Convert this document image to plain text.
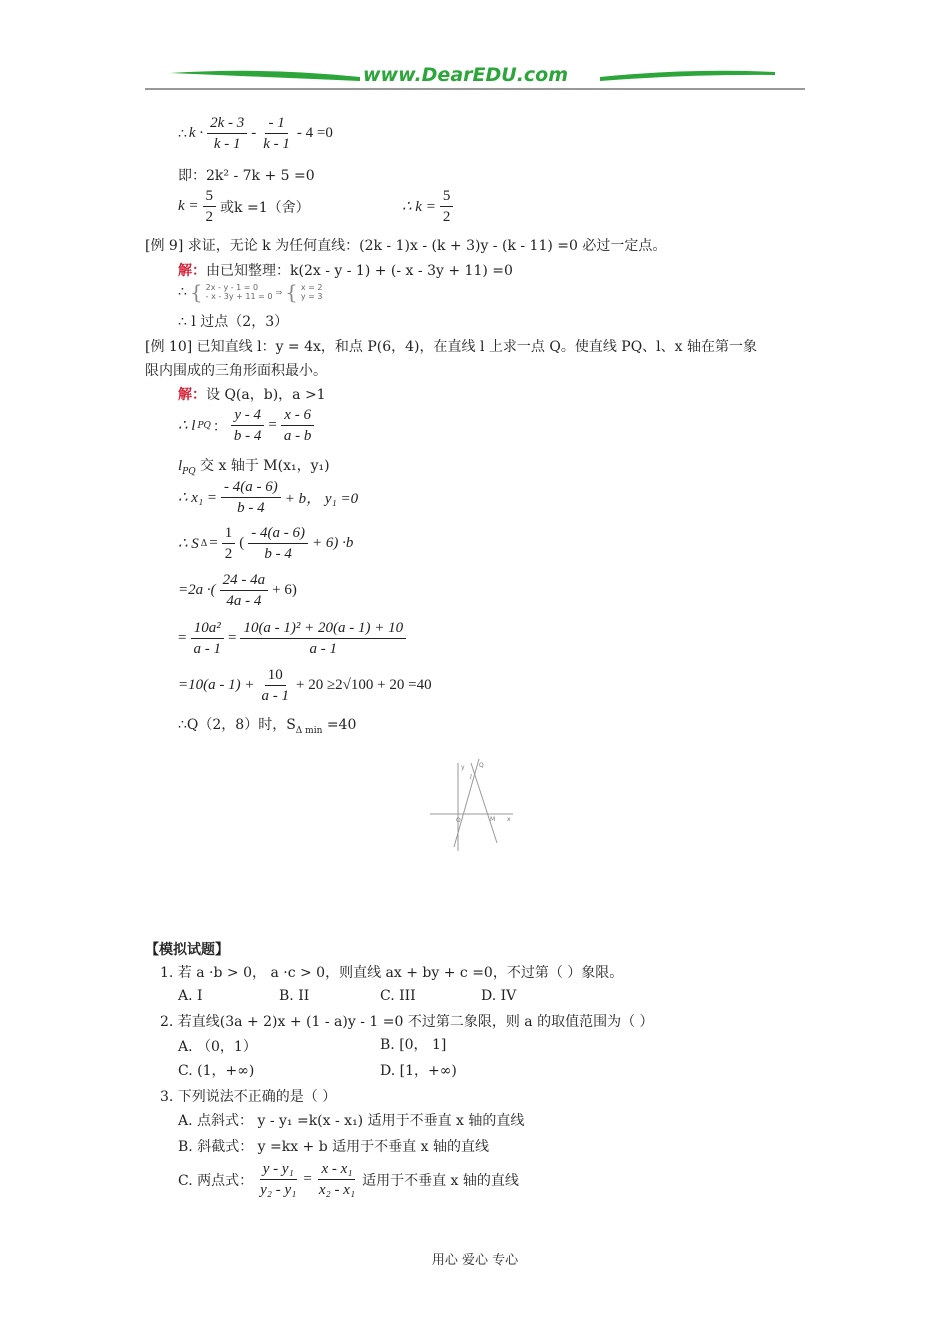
www.DearEDU.com
∴ $k \cdot \frac{2k - 3}{k - 1} - \frac{- 1}{k - 1} - 4 =0$
即：2k² - 7k + 5 =0
$k = \frac{5}{2}$ 或k =1（舍）	∴ $k = \frac{5}{2}$
[例 9] 求证，无论 k 为任何直线：(2k - 1)x - (k + 3)y - (k - 11) =0 必过一定点。
解：由已知整理：k(2x - y - 1) + (- x - 3y + 11) =0
∴ { 2x - y - 1 = 0
- x - 3y + 11 = 0 ⇒ { x = 2
y = 3
∴ l 过点（2，3）
[例 10] 已知直线 l：y = 4x，和点 P(6，4)，在直线 l 上求一点 Q。使直线 PQ、l、x 轴在第一象
限内围成的三角形面积最小。
解：设 Q(a，b)，a >1
∴ l PQ ： $\frac{y - 4}{b - 4} = \frac{x - 6}{a - b}$
$l_{PQ}$ 交 x 轴于 M(x₁，y₁)
∴ $x_1 = \frac{- 4(a - 6)}{b - 4} + b$， y₁ =0
∴ S $\Delta = \frac{1}{2}$ ( $\frac{- 4(a - 6)}{b - 4} + 6) \cdot b$
=2a ·( $\frac{24 - 4a}{4a - 4} + 6$)
= $\frac{\text{10a²}}{a - 1} = \frac{\text{10(a - 1)² + 20(a - 1) + 10}}{a - 1}$
$=10(a - 1) + \frac{10}{a - 1} + 20 \ge 2√100 + 20 =40$
∴Q（2，8）时，$S_{\Delta min} =40$
y Q
l
O	M x
【模拟试题】
1. 若 a ·b > 0， a ·c > 0，则直线 ax + by + c =0，不过第（ ）象限。
A. I	B. II	C. III	D. IV
2. 若直线(3a + 2)x + (1 - a)y - 1 =0 不过第二象限，则 a 的取值范围为（ ）
A. （0，1）	B. [0， 1]
C. (1，+∞)	D. [1，+∞)
3. 下列说法不正确的是（ ）
A. 点斜式： y - y₁ =k(x - x₁) 适用于不垂直 x 轴的直线
B. 斜截式： y =kx + b 适用于不垂直 x 轴的直线
C. 两点式： $\frac{\text{y - y₁}}{\text{y₂ - y₁}} = \frac{\text{x - x₁}}{\text{x₂ - x₁}}$ 适用于不垂直 x 轴的直线
用心 爱心 专心
